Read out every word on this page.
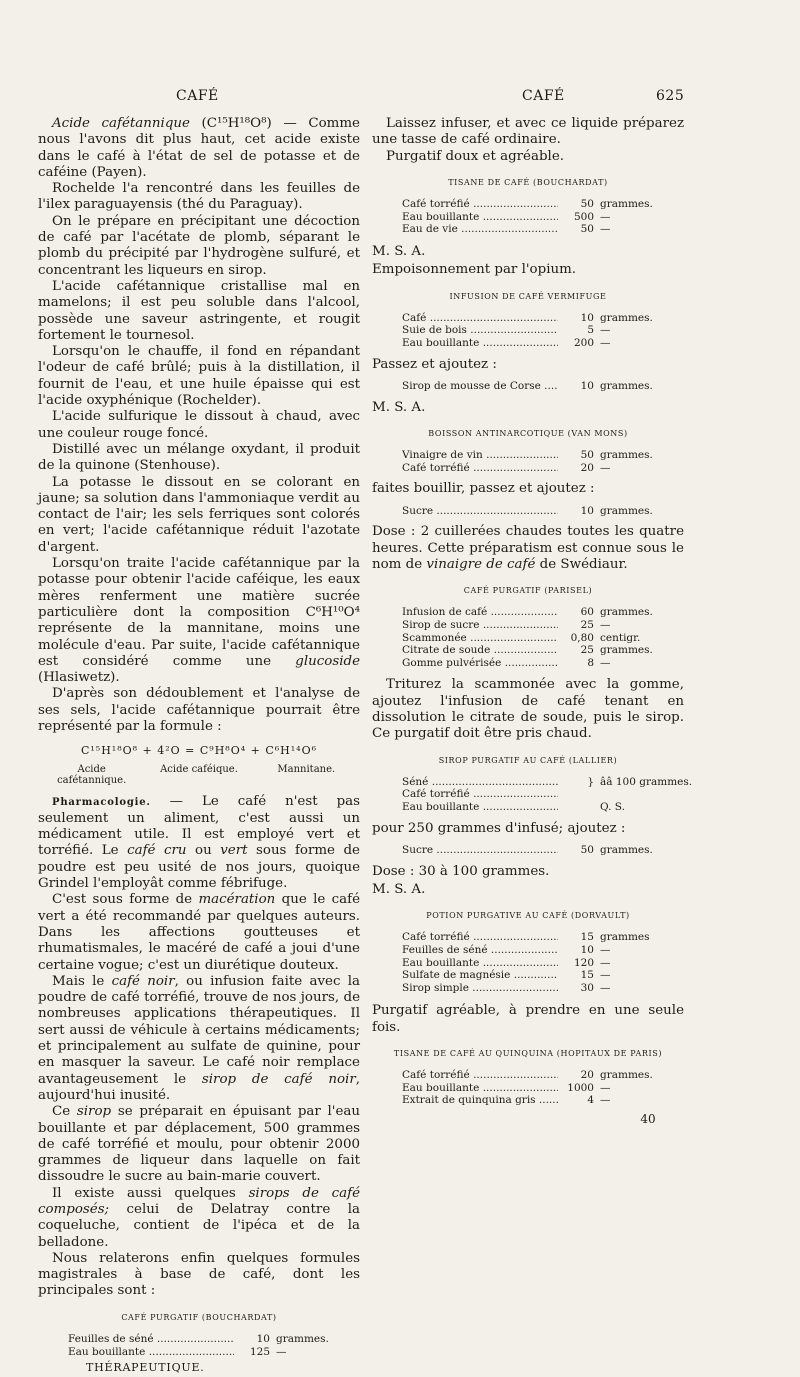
CAFÉ	CAFÉ	625

Acide cafétannique (C¹⁵H¹⁸O⁸) — Comme nous l'avons dit plus haut, cet acide existe dans le café à l'état de sel de potasse et de caféine (Payen).

Rochelde l'a rencontré dans les feuilles de l'ilex paraguayensis (thé du Paraguay).

On le prépare en précipitant une décoction de café par l'acétate de plomb, séparant le plomb du précipité par l'hydrogène sulfuré, et concentrant les liqueurs en sirop.

L'acide cafétannique cristallise mal en mamelons; il est peu soluble dans l'alcool, possède une saveur astringente, et rougit fortement le tournesol.

Lorsqu'on le chauffe, il fond en répandant l'odeur de café brûlé; puis à la distillation, il fournit de l'eau, et une huile épaisse qui est l'acide oxyphénique (Rochelder).

L'acide sulfurique le dissout à chaud, avec une couleur rouge foncé.

Distillé avec un mélange oxydant, il produit de la quinone (Stenhouse).

La potasse le dissout en se colorant en jaune; sa solution dans l'ammoniaque verdit au contact de l'air; les sels ferriques sont colorés en vert; l'acide cafétannique réduit l'azotate d'argent.

Lorsqu'on traite l'acide cafétannique par la potasse pour obtenir l'acide caféique, les eaux mères renferment une matière sucrée particulière dont la composition C⁶H¹⁰O⁴ représente de la mannitane, moins une molécule d'eau. Par suite, l'acide cafétannique est considéré comme une glucoside (Hlasiwetz).

D'après son dédoublement et l'analyse de ses sels, l'acide cafétannique pourrait être représenté par la formule :

C¹⁵H¹⁸O⁸ + 4²O = C⁹H⁸O⁴ + C⁶H¹⁴O⁶
Acide cafétannique.
Acide caféique.	Mannitane.

Pharmacologie. — Le café n'est pas seulement un aliment, c'est aussi un médicament utile. Il est employé vert et torréfié. Le café cru ou vert sous forme de poudre est peu usité de nos jours, quoique Grindel l'employât comme fébrifuge.

C'est sous forme de macération que le café vert a été recommandé par quelques auteurs. Dans les affections goutteuses et rhumatismales, le macéré de café a joui d'une certaine vogue; c'est un diurétique douteux.

Mais le café noir, ou infusion faite avec la poudre de café torréfié, trouve de nos jours, de nombreuses applications thérapeutiques. Il sert aussi de véhicule à certains médicaments; et principalement au sulfate de quinine, pour en masquer la saveur. Le café noir remplace avantageusement le sirop de café noir, aujourd'hui inusité.

Ce sirop se préparait en épuisant par l'eau bouillante et par déplacement, 500 grammes de café torréfié et moulu, pour obtenir 2000 grammes de liqueur dans laquelle on fait dissoudre le sucre au bain-marie couvert.

Il existe aussi quelques sirops de café composés; celui de Delatray contre la coqueluche, contient de l'ipéca et de la belladone.

Nous relaterons enfin quelques formules magistrales à base de café, dont les principales sont :

CAFÉ PURGATIF (BOUCHARDAT)
Feuilles de séné .....	10 grammes.
Eau bouillante .....	125 —
THÉRAPEUTIQUE.

Laissez infuser, et avec ce liquide préparez une tasse de café ordinaire.

Purgatif doux et agréable.

TISANE DE CAFÉ (BOUCHARDAT)
Café torréfié .....	50 grammes.
Eau bouillante .....	500 —
Eau de vie .....	50 —

M. S. A.

Empoisonnement par l'opium.

INFUSION DE CAFÉ VERMIFUGE
Café .....	10 grammes.
Suie de bois .....	5 —
Eau bouillante .....	200 —

Passez et ajoutez :

Sirop de mousse de Corse .....	10 grammes.

M. S. A.

BOISSON ANTINARCOTIQUE (VAN MONS)
Vinaigre de vin .....	50 grammes.
Café torréfié .....	20 —

faites bouillir, passez et ajoutez :

Sucre .....	10 grammes.

Dose : 2 cuillerées chaudes toutes les quatre heures. Cette préparatism est connue sous le nom de vinaigre de café de Swédiaur.

CAFÉ PURGATIF (PARISEL)
Infusion de café .....	60 grammes.
Sirop de sucre .....	25 —
Scammonée .....	0,80 centigr.
Citrate de soude .....	25 grammes.
Gomme pulvérisée .....	8 —

Triturez la scammonée avec la gomme, ajoutez l'infusion de café tenant en dissolution le citrate de soude, puis le sirop. Ce purgatif doit être pris chaud.

SIROP PURGATIF AU CAFÉ (LALLIER)
Séné .....	} ââ 100 grammes.
Café torréfié .....
Eau bouillante .....	Q. S.

pour 250 grammes d'infusé; ajoutez :

Sucre .....	50 grammes.

Dose : 30 à 100 grammes.

M. S. A.

POTION PURGATIVE AU CAFÉ (DORVAULT)
Café torréfié .....	15 grammes
Feuilles de séné .....	10 —
Eau bouillante .....	120 —
Sulfate de magnésie .....	15 —
Sirop simple .....	30 —

Purgatif agréable, à prendre en une seule fois.

TISANE DE CAFÉ AU QUINQUINA (HOPITAUX DE PARIS)
Café torréfié .....	20 grammes.
Eau bouillante .....	1000 —
Extrait de quinquina gris .....	4 —
40
